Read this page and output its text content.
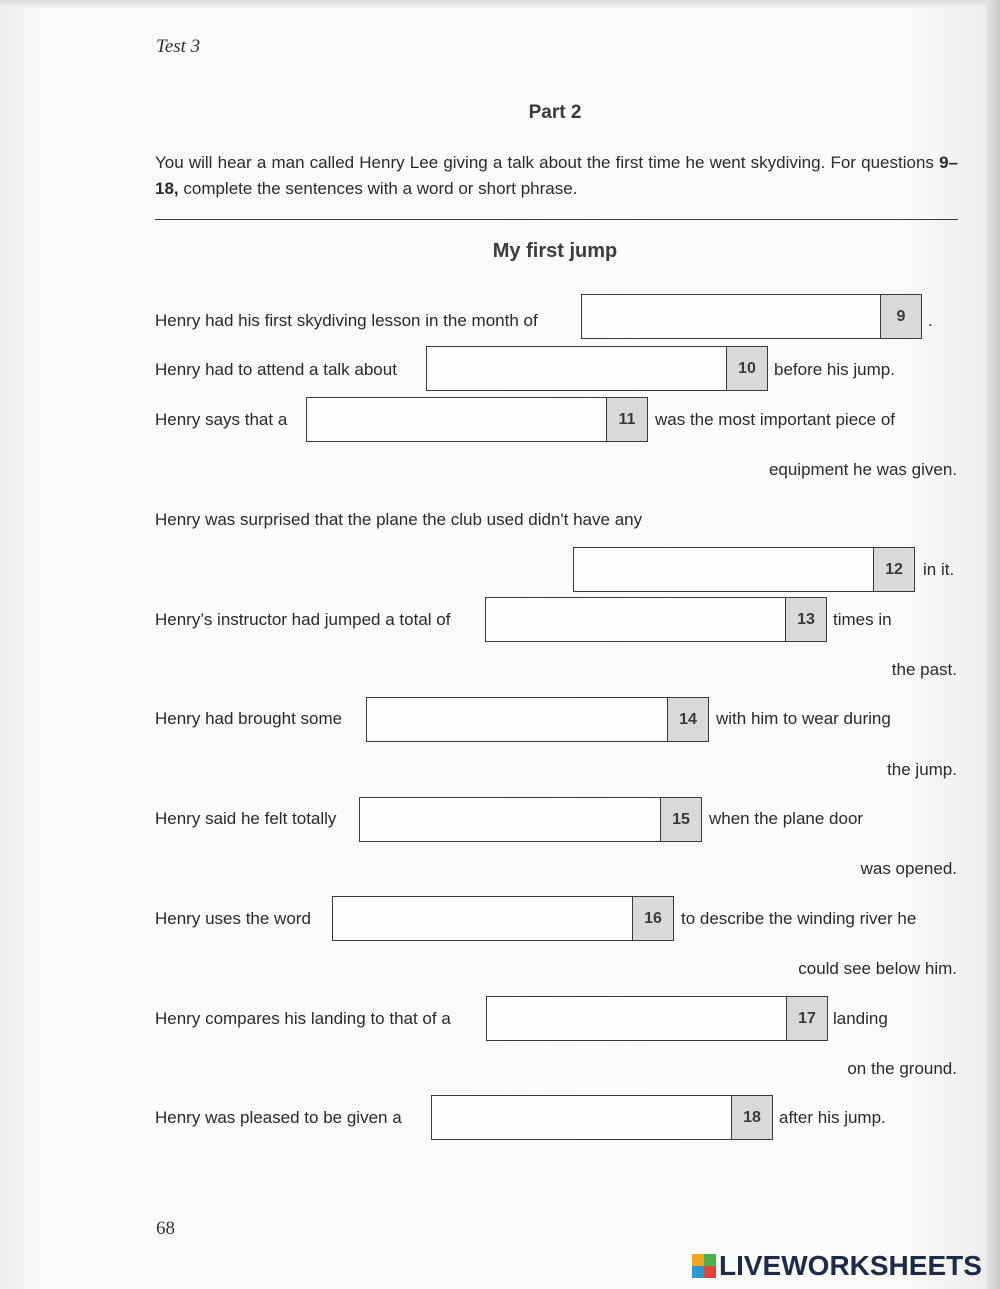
Test 3
Part 2
You will hear a man called Henry Lee giving a talk about the first time he went skydiving. For questions 9–18, complete the sentences with a word or short phrase.
My first jump
Henry had his first skydiving lesson in the month of	9	.
Henry had to attend a talk about	10	before his jump.
Henry says that a	11	was the most important piece of
equipment he was given.
Henry was surprised that the plane the club used didn't have any
12	in it.
Henry’s instructor had jumped a total of	13	times in
the past.
Henry had brought some	14	with him to wear during
the jump.
Henry said he felt totally	15	when the plane door
was opened.
Henry uses the word	16	to describe the winding river he
could see below him.
Henry compares his landing to that of a	17	landing
on the ground.
Henry was pleased to be given a	18	after his jump.
68
LIVEWORKSHEETS
